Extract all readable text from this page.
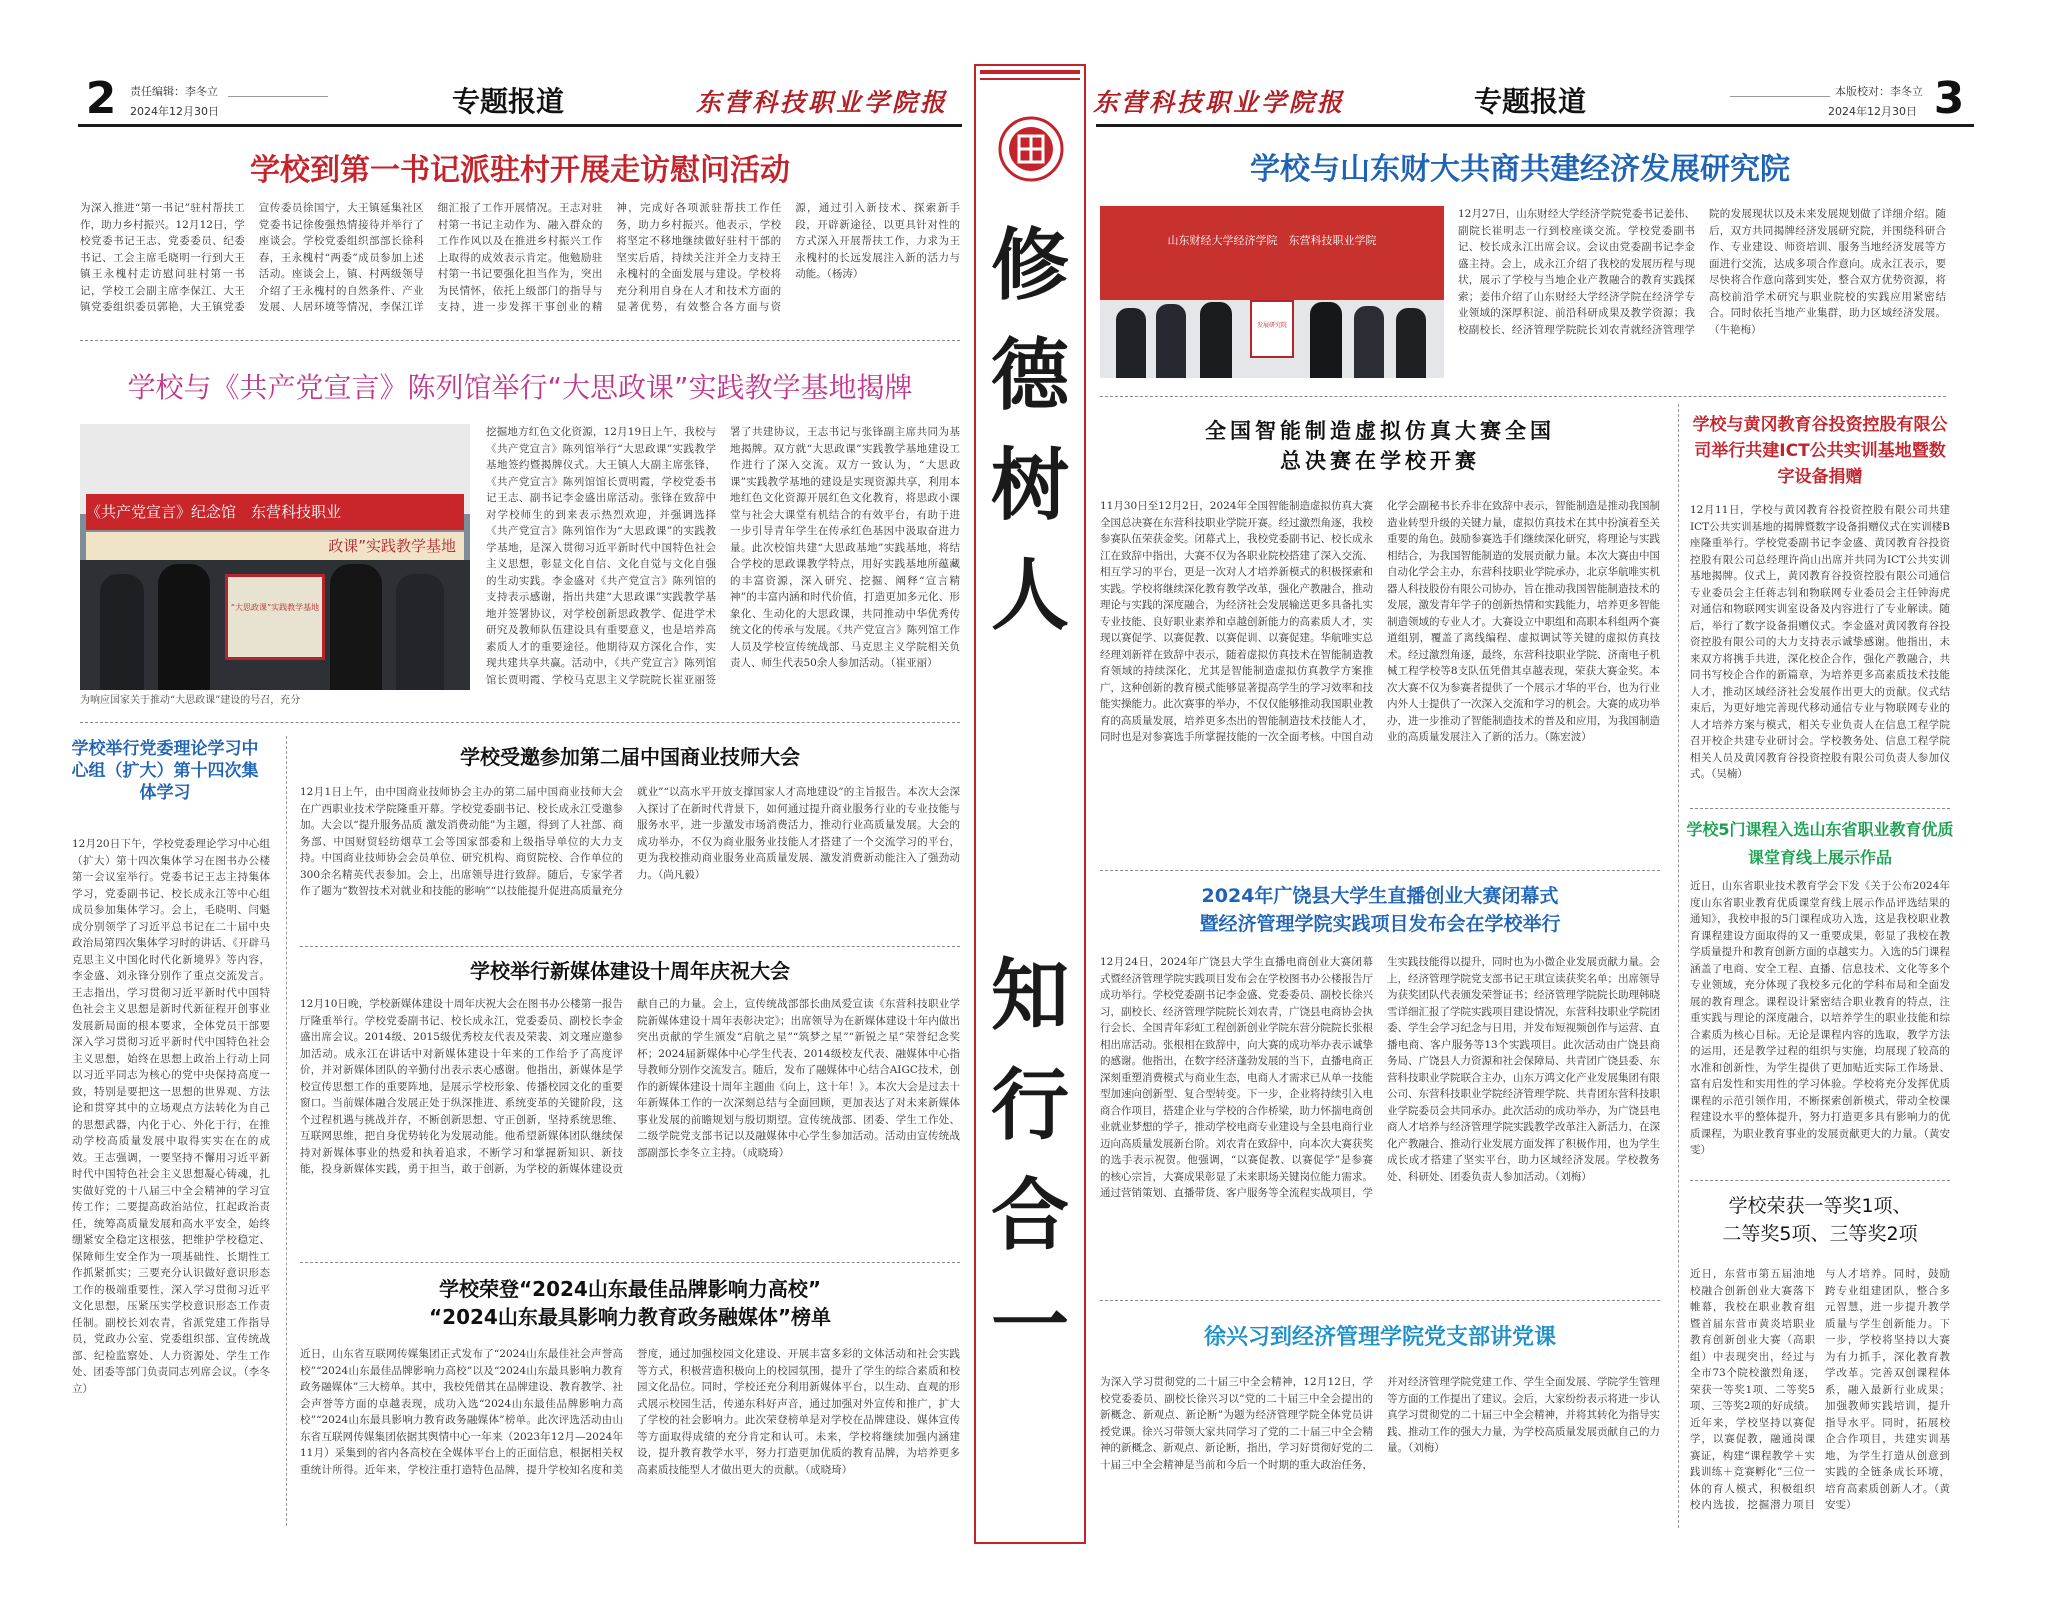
2	责任编辑：李冬立
2024年12月30日	专题报道	东营科技职业学院报	东营科技职业学院报	专题报道	本版校对：李冬立
2024年12月30日 3
修
德
树
人
知
行
合
一
学校到第一书记派驻村开展走访慰问活动
为深入推进“第一书记”驻村帮扶工作，助力乡村振兴。12月12日，学校党委书记王志、党委委员、纪委书记、工会主席毛晓明一行到大王镇王永槐村走访慰问驻村第一书记，学校工会副主席李保江、大王镇党委组织委员郭艳，大王镇党委宣传委员徐国宁，大王镇延集社区党委书记徐俊强热情接待并举行了座谈会。学校党委组织部部长徐科春，王永槐村“两委”成员参加上述活动。座谈会上，镇、村两级领导介绍了王永槐村的自然条件、产业发展、人居环境等情况，李保江详细汇报了工作开展情况。王志对驻村第一书记主动作为、融入群众的工作作风以及在推进乡村振兴工作上取得的成效表示肯定。他勉励驻村第一书记要强化担当作为，突出为民情怀，依托上级部门的指导与支持，进一步发挥干事创业的精神，完成好各项派驻帮扶工作任务，助力乡村振兴。他表示，学校将坚定不移地继续做好驻村干部的坚实后盾，持续关注并全力支持王永槐村的全面发展与建设。学校将充分利用自身在人才和技术方面的显著优势，有效整合各方面与资源，通过引入新技术、探索新手段，开辟新途径，以更具针对性的方式深入开展帮扶工作，力求为王永槐村的长远发展注入新的活力与动能。（杨涛）
学校与《共产党宣言》陈列馆举行“大思政课”实践教学基地揭牌
《共产党宣言》纪念馆　东营科技职业
政课”实践教学基地
“大思政课”实践教学基地
为响应国家关于推动“大思政课”建设的号召，充分
挖掘地方红色文化资源，12月19日上午，我校与《共产党宣言》陈列馆举行“大思政课”实践教学基地签约暨揭牌仪式。大王镇人大副主席张锋，《共产党宣言》陈列馆馆长贾明霞，学校党委书记王志、副书记李金盛出席活动。张锋在致辞中对学校师生的到来表示热烈欢迎，并强调选择《共产党宣言》陈列馆作为“大思政课”的实践教学基地，是深入贯彻习近平新时代中国特色社会主义思想，彰显文化自信、文化自觉与文化自强的生动实践。李金盛对《共产党宣言》陈列馆的支持表示感谢，指出共建“大思政课”实践教学基地并签署协议，对学校创新思政教学、促进学术研究及教师队伍建设具有重要意义，也是培养高素质人才的重要途径。他期待双方深化合作，实现共建共享共赢。活动中，《共产党宣言》陈列馆馆长贾明霞、学校马克思主义学院院长崔亚丽签署了共建协议，王志书记与张锋副主席共同为基地揭牌。双方就“大思政课”实践教学基地建设工作进行了深入交流。双方一致认为，“大思政课”实践教学基地的建设是实现资源共享，利用本地红色文化资源开展红色文化教育，将思政小课堂与社会大课堂有机结合的有效平台，有助于进一步引导青年学生在传承红色基因中汲取奋进力量。此次校馆共建“大思政基地”实践基地，将结合学校的思政课教学特点，用好实践基地所蕴藏的丰富资源，深入研究、挖掘、阐释“宣言精神”的丰富内涵和时代价值，打造更加多元化、形象化、生动化的大思政课，共同推动中华优秀传统文化的传承与发展。《共产党宣言》陈列馆工作人员及学校宣传统战部、马克思主义学院相关负责人、师生代表50余人参加活动。（崔亚丽）
学校举行党委理论学习中心组（扩大）第十四次集体学习
12月20日下午，学校党委理论学习中心组（扩大）第十四次集体学习在图书办公楼第一会议室举行。党委书记王志主持集体学习，党委副书记、校长成永江等中心组成员参加集体学习。会上，毛晓明、闫魁成分别领学了习近平总书记在二十届中央政治局第四次集体学习时的讲话、《开辟马克思主义中国化时代化新境界》等内容，李金盛、刘永锋分别作了重点交流发言。王志指出，学习贯彻习近平新时代中国特色社会主义思想是新时代新征程开创事业发展新局面的根本要求，全体党员干部要深入学习贯彻习近平新时代中国特色社会主义思想，始终在思想上政治上行动上同以习近平同志为核心的党中央保持高度一致，特别是要把这一思想的世界观、方法论和贯穿其中的立场观点方法转化为自己的思想武器，内化于心、外化于行，在推动学校高质量发展中取得实实在在的成效。王志强调，一要坚持不懈用习近平新时代中国特色社会主义思想凝心铸魂，扎实做好党的十八届三中全会精神的学习宣传工作；二要提高政治站位，扛起政治责任，统筹高质量发展和高水平安全，始终绷紧安全稳定这根弦，把维护学校稳定、保障师生安全作为一项基础性、长期性工作抓紧抓实；三要充分认识做好意识形态工作的极端重要性，深入学习贯彻习近平文化思想，压紧压实学校意识形态工作责任制。副校长刘农青，省派党建工作指导员，党政办公室、党委组织部、宣传统战部、纪检监察处、人力资源处、学生工作处、团委等部门负责同志列席会议。（李冬立）
学校受邀参加第二届中国商业技师大会
12月1日上午，由中国商业技师协会主办的第二届中国商业技师大会在广西职业技术学院隆重开幕。学校党委副书记、校长成永江受邀参加。大会以“提升服务品质 激发消费动能”为主题，得到了人社部、商务部、中国财贸轻纺烟草工会等国家部委和上级指导单位的大力支持。中国商业技师协会会员单位、研究机构、商贸院校、合作单位的300余名精英代表参加。会上，出席领导进行致辞。随后，专家学者作了题为“数智技术对就业和技能的影响”“以技能提升促进高质量充分就业”“以高水平开放支撑国家人才高地建设”的主旨报告。本次大会深入探讨了在新时代背景下，如何通过提升商业服务行业的专业技能与服务水平，进一步激发市场消费活力，推动行业高质量发展。大会的成功举办，不仅为商业服务业技能人才搭建了一个交流学习的平台，更为我校推动商业服务业高质量发展、激发消费新动能注入了强劲动力。（尚凡毅）
学校举行新媒体建设十周年庆祝大会
12月10日晚，学校新媒体建设十周年庆祝大会在图书办公楼第一报告厅隆重举行。学校党委副书记、校长成永江，党委委员、副校长李金盛出席会议。2014级、2015级优秀校友代表及荣裴、刘文瑾应邀参加活动。成永江在讲话中对新媒体建设十年来的工作给予了高度评价，并对新媒体团队的辛勤付出表示衷心感谢。他指出，新媒体是学校宣传思想工作的重要阵地，是展示学校形象、传播校园文化的重要窗口。当前媒体融合发展正处于纵深推进、系统变革的关键阶段，这个过程机遇与挑战并存，不断创新思想、守正创新，坚持系统思维、互联网思维，把自身优势转化为发展动能。他希望新媒体团队继续保持对新媒体事业的热爱和执着追求，不断学习和掌握新知识、新技能，投身新媒体实践，勇于担当，敢于创新，为学校的新媒体建设贡献自己的力量。会上，宣传统战部部长曲凤爱宣读《东营科技职业学院新媒体建设十周年表彰决定》；出席领导为在新媒体建设十年内做出突出贡献的学生颁发“启航之星”“筑梦之星”“新锐之星”荣誉纪念奖杯；2024届新媒体中心学生代表、2014级校友代表、融媒体中心指导教师分别作交流发言。随后，发布了融媒体中心结合AIGC技术，创作的新媒体建设十周年主题曲《向上，这十年！》。本次大会是过去十年新媒体工作的一次深刻总结与全面回顾，更加表达了对未来新媒体事业发展的前瞻规划与殷切期望。宣传统战部、团委、学生工作处、二级学院党支部书记以及融媒体中心学生参加活动。活动由宣传统战部副部长李冬立主持。（成晓琦）
学校荣登“2024山东最佳品牌影响力高校”
“2024山东最具影响力教育政务融媒体”榜单
近日，山东省互联网传媒集团正式发布了“2024山东最佳社会声誉高校”“2024山东最佳品牌影响力高校”以及“2024山东最具影响力教育政务融媒体”三大榜单。其中，我校凭借其在品牌建设、教育教学、社会声誉等方面的卓越表现，成功入选“2024山东最佳品牌影响力高校”“2024山东最具影响力教育政务融媒体”榜单。此次评选活动由山东省互联网传媒集团依据其舆情中心一年来（2023年12月—2024年11月）采集到的省内各高校在全媒体平台上的正面信息，根据相关权重统计所得。近年来，学校注重打造特色品牌，提升学校知名度和美誉度，通过加强校园文化建设、开展丰富多彩的文体活动和社会实践等方式，积极营造积极向上的校园氛围，提升了学生的综合素质和校园文化品位。同时，学校还充分利用新媒体平台，以生动、直观的形式展示校园生活，传递东科好声音，通过加强对外宣传和推广，扩大了学校的社会影响力。此次荣登榜单是对学校在品牌建设、媒体宣传等方面取得成绩的充分肯定和认可。未来，学校将继续加强内涵建设，提升教育教学水平，努力打造更加优质的教育品牌，为培养更多高素质技能型人才做出更大的贡献。（成晓琦）
学校与山东财大共商共建经济发展研究院
山东财经大学经济学院　东营科技职业学院
发展研究院
12月27日，山东财经大学经济学院党委书记姜伟、副院长崔明志一行到校座谈交流。学校党委副书记、校长成永江出席会议。会议由党委副书记李金盛主持。会上，成永江介绍了我校的发展历程与现状，展示了学校与当地企业产教融合的教育实践探索；姜伟介绍了山东财经大学经济学院在经济学专业领域的深厚积淀、前沿科研成果及教学资源；我校副校长、经济管理学院院长刘农青就经济管理学院的发展现状以及未来发展规划做了详细介绍。随后，双方共同揭牌经济发展研究院，并围绕科研合作、专业建设、师资培训、服务当地经济发展等方面进行交流，达成多项合作意向。成永江表示，要尽快将合作意向落到实处，整合双方优势资源，将高校前沿学术研究与职业院校的实践应用紧密结合。同时依托当地产业集群，助力区域经济发展。（牛艳梅）
全国智能制造虚拟仿真大赛全国
总决赛在学校开赛
11月30日至12月2日，2024年全国智能制造虚拟仿真大赛全国总决赛在东营科技职业学院开赛。经过激烈角逐，我校参赛队伍荣获金奖。闭幕式上，我校党委副书记、校长成永江在致辞中指出，大赛不仅为各职业院校搭建了深入交流、相互学习的平台，更是一次对人才培养新模式的积极探索和实践。学校将继续深化教育教学改革，强化产教融合，推动理论与实践的深度融合，为经济社会发展输送更多具备扎实专业技能、良好职业素养和卓越创新能力的高素质人才，实现以赛促学、以赛促教、以赛促训、以赛促建。华航唯实总经理刘新祥在致辞中表示，随着虚拟仿真技术在智能制造教育领域的持续深化，尤其是智能制造虚拟仿真教学方案推广，这种创新的教育模式能够显著提高学生的学习效率和技能实操能力。此次赛事的举办，不仅仅能够推动我国职业教育的高质量发展，培养更多杰出的智能制造技术技能人才，同时也是对参赛选手所掌握技能的一次全面考核。中国自动化学会副秘书长乔非在致辞中表示，智能制造是推动我国制造业转型升级的关键力量，虚拟仿真技术在其中扮演着至关重要的角色。鼓励参赛选手们继续深化研究，将理论与实践相结合，为我国智能制造的发展贡献力量。本次大赛由中国自动化学会主办，东营科技职业学院承办，北京华航唯实机器人科技股份有限公司协办，旨在推动我国智能制造技术的发展，激发青年学子的创新热情和实践能力，培养更多智能制造领域的专业人才。大赛设立中职组和高职本科组两个赛道组别，覆盖了离线编程、虚拟调试等关键的虚拟仿真技术。经过激烈角逐，最终，东营科技职业学院、济南电子机械工程学校等8支队伍凭借其卓越表现，荣获大赛金奖。本次大赛不仅为参赛者提供了一个展示才华的平台，也为行业内外人士提供了一次深入交流和学习的机会。大赛的成功举办，进一步推动了智能制造技术的普及和应用，为我国制造业的高质量发展注入了新的活力。（陈宏波）
2024年广饶县大学生直播创业大赛闭幕式
暨经济管理学院实践项目发布会在学校举行
12月24日，2024年广饶县大学生直播电商创业大赛闭幕式暨经济管理学院实践项目发布会在学校图书办公楼报告厅成功举行。学校党委副书记李金盛、党委委员、副校长徐兴习，副校长、经济管理学院院长刘农青，广饶县电商协会执行会长、全国青年彩虹工程创新创业学院东营分院院长张根相出席活动。张根相在致辞中，向大赛的成功举办表示诚挚的感谢。他指出，在数字经济蓬勃发展的当下，直播电商正深刻重塑消费模式与商业生态，电商人才需求已从单一技能型加速向创新型、复合型转变。下一步，企业将持续引入电商合作项目，搭建企业与学校的合作桥梁，助力怀揣电商创业就业梦想的学子，推动学校电商专业建设与全县电商行业迈向高质量发展新台阶。刘农青在致辞中，向本次大赛获奖的选手表示祝贺。他强调，“以赛促教、以赛促学”是参赛的核心宗旨，大赛成果彰显了未来职场关键岗位能力需求。通过营销策划、直播带货、客户服务等全流程实战项目，学生实践技能得以提升，同时也为小微企业发展贡献力量。会上，经济管理学院党支部书记王琪宣读获奖名单；出席领导为获奖团队代表颁发荣誉证书；经济管理学院院长助理韩晓雪详细汇报了学院实践项目建设情况，东营科技职业学院团委、学生会学习纪念与日用，并发布短视频创作与运营、直播电商、客户服务等13个实践项目。此次活动由广饶县商务局、广饶县人力资源和社会保障局、共青团广饶县委、东营科技职业学院联合主办，山东万鸿文化产业发展集团有限公司、东营科技职业学院经济管理学院、共青团东营科技职业学院委员会共同承办。此次活动的成功举办，为广饶县电商人才培养与经济管理学院实践教学改革注入新活力，在深化产教融合、推动行业发展方面发挥了积极作用，也为学生成长成才搭建了坚实平台，助力区域经济发展。学校教务处、科研处、团委负责人参加活动。（刘梅）
徐兴习到经济管理学院党支部讲党课
为深入学习贯彻党的二十届三中全会精神，12月12日，学校党委委员、副校长徐兴习以“党的二十届三中全会提出的新概念、新观点、新论断”为题为经济管理学院全体党员讲授党课。徐兴习带领大家共同学习了党的二十届三中全会精神的新概念、新观点、新论断，指出，学习好贯彻好党的二十届三中全会精神是当前和今后一个时期的重大政治任务，并对经济管理学院党建工作、学生全面发展、学院学生管理等方面的工作提出了建议。会后，大家纷纷表示将进一步认真学习贯彻党的二十届三中全会精神，并将其转化为指导实践、推动工作的强大力量，为学校高质量发展贡献自己的力量。（刘梅）
学校与黄冈教育谷投资控股有限公司举行共建ICT公共实训基地暨数字设备捐赠
12月11日，学校与黄冈教育谷投资控股有限公司共建ICT公共实训基地的揭牌暨数字设备捐赠仪式在实训楼B座隆重举行。学校党委副书记李金盛、黄冈教育谷投资控股有限公司总经理许尚山出席并共同为ICT公共实训基地揭牌。仪式上，黄冈教育谷投资控股有限公司通信专业委员会主任蒋志钊和物联网专业委员会主任钟海虎对通信和物联网实训室设备及内容进行了专业解读。随后，举行了数字设备捐赠仪式。李金盛对黄冈教育谷投资控股有限公司的大力支持表示诚挚感谢。他指出，未来双方将携手共进，深化校企合作，强化产教融合，共同书写校企合作的新篇章，为培养更多高素质技术技能人才，推动区域经济社会发展作出更大的贡献。仪式结束后，为更好地完善现代移动通信专业与物联网专业的人才培养方案与模式，相关专业负责人在信息工程学院召开校企共建专业研讨会。学校教务处、信息工程学院相关人员及黄冈教育谷投资控股有限公司负责人参加仪式。（吴楠）
学校5门课程入选山东省职业教育优质课堂育线上展示作品
近日，山东省职业技术教育学会下发《关于公布2024年度山东省职业教育优质课堂育线上展示作品评选结果的通知》，我校申报的5门课程成功入选，这是我校职业教育课程建设方面取得的又一重要成果，彰显了我校在教学质量提升和教育创新方面的卓越实力。入选的5门课程涵盖了电商、安全工程、直播、信息技术、文化等多个专业领域，充分体现了我校多元化的学科布局和全面发展的教育理念。课程设计紧密结合职业教育的特点，注重实践与理论的深度融合，以培养学生的职业技能和综合素质为核心目标。无论是课程内容的选取，教学方法的运用，还是教学过程的组织与实施，均展现了较高的水准和创新性，为学生提供了更加贴近实际工作场景、富有启发性和实用性的学习体验。学校将充分发挥优质课程的示范引领作用，不断探索创新模式，带动全校课程建设水平的整体提升，努力打造更多具有影响力的优质课程，为职业教育事业的发展贡献更大的力量。（黄安雯）
学校荣获一等奖1项、
二等奖5项、三等奖2项
近日，东营市第五届油地校融合创新创业大赛落下帷幕，我校在职业教育组暨首届东营市黄炎培职业教育创新创业大赛（高职组）中表现突出，经过与全市73个院校激烈角逐，荣获一等奖1项、二等奖5项、三等奖2项的好成绩。近年来，学校坚持以赛促学，以赛促教，融通岗课赛证，构建“课程教学＋实践训练＋竞赛孵化”三位一体的育人模式，积极组织校内选拔，挖掘潜力项目与人才培养。同时，鼓励跨专业组建团队，整合多元智慧，进一步提升教学质量与学生创新能力。下一步，学校将坚持以大赛为有力抓手，深化教育教学改革。完善双创课程体系，融入最新行业成果；加强教师实践培训，提升指导水平。同时，拓展校企合作项目，共建实训基地，为学生打造从创意到实践的全链条成长环境，培育高素质创新人才。（黄安雯）
